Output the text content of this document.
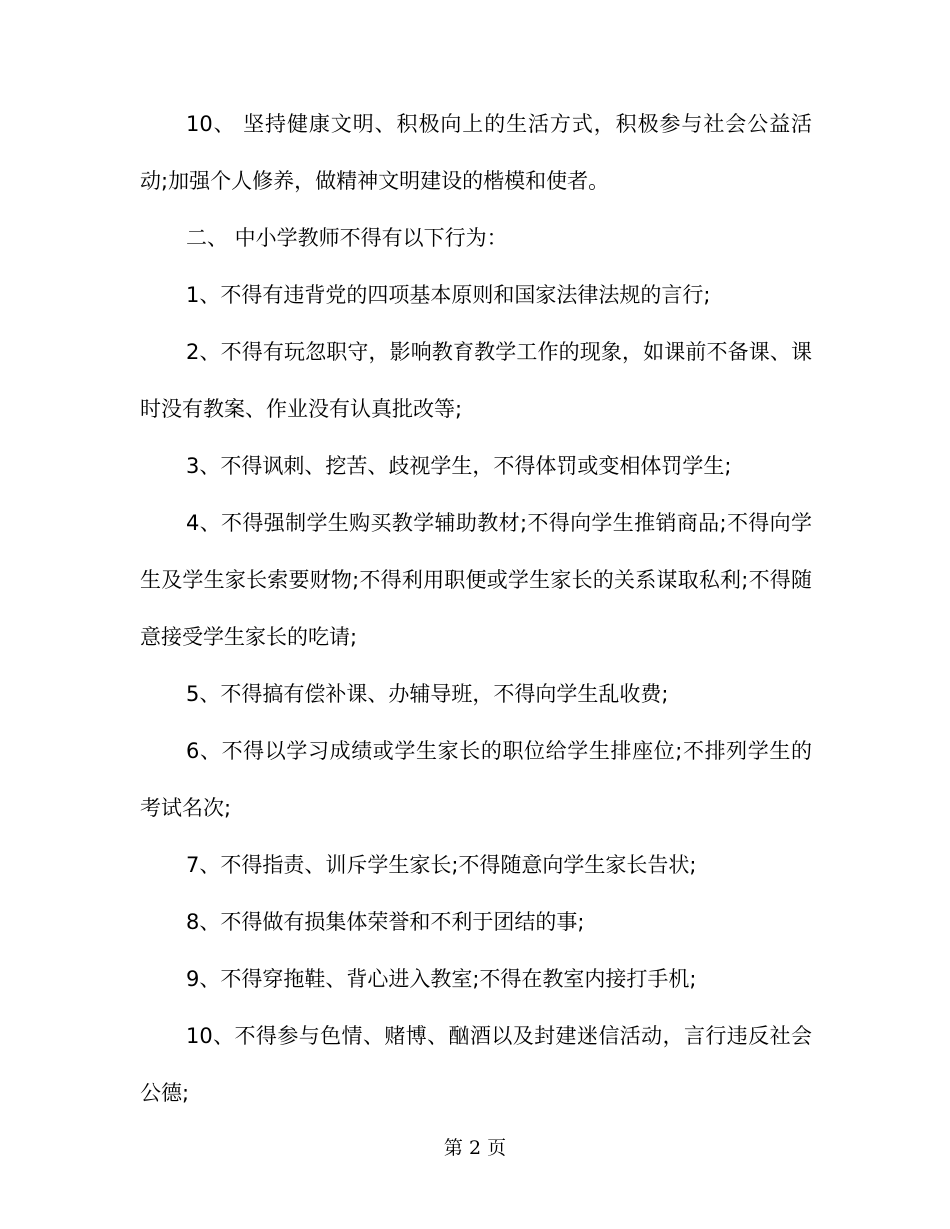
10、 坚持健康文明、积极向上的生活方式，积极参与社会公益活动;加强个人修养，做精神文明建设的楷模和使者。

二、 中小学教师不得有以下行为：

1、不得有违背党的四项基本原则和国家法律法规的言行;

2、不得有玩忽职守，影响教育教学工作的现象，如课前不备课、课时没有教案、作业没有认真批改等;

3、不得讽刺、挖苦、歧视学生，不得体罚或变相体罚学生;

4、不得强制学生购买教学辅助教材;不得向学生推销商品;不得向学生及学生家长索要财物;不得利用职便或学生家长的关系谋取私利;不得随意接受学生家长的吃请;

5、不得搞有偿补课、办辅导班，不得向学生乱收费;

6、不得以学习成绩或学生家长的职位给学生排座位;不排列学生的考试名次;

7、不得指责、训斥学生家长;不得随意向学生家长告状;

8、不得做有损集体荣誉和不利于团结的事;

9、不得穿拖鞋、背心进入教室;不得在教室内接打手机;

10、不得参与色情、赌博、酗酒以及封建迷信活动，言行违反社会公德;

第 2 页
